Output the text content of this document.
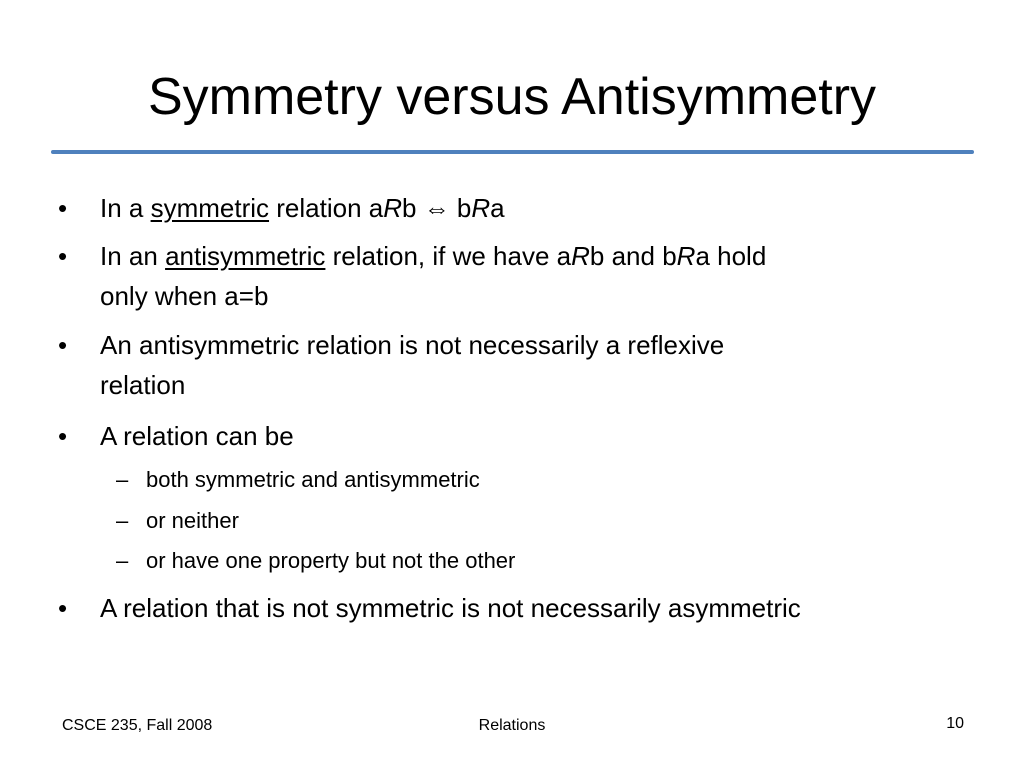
Symmetry versus Antisymmetry
• In a symmetric relation aRb ⇔ bRa
• In an antisymmetric relation, if we have aRb and bRa hold
only when a=b
• An antisymmetric relation is not necessarily a reflexive
relation
• A relation can be
– both symmetric and antisymmetric
– or neither
– or have one property but not the other
• A relation that is not symmetric is not necessarily asymmetric
CSCE 235, Fall 2008	Relations	10
